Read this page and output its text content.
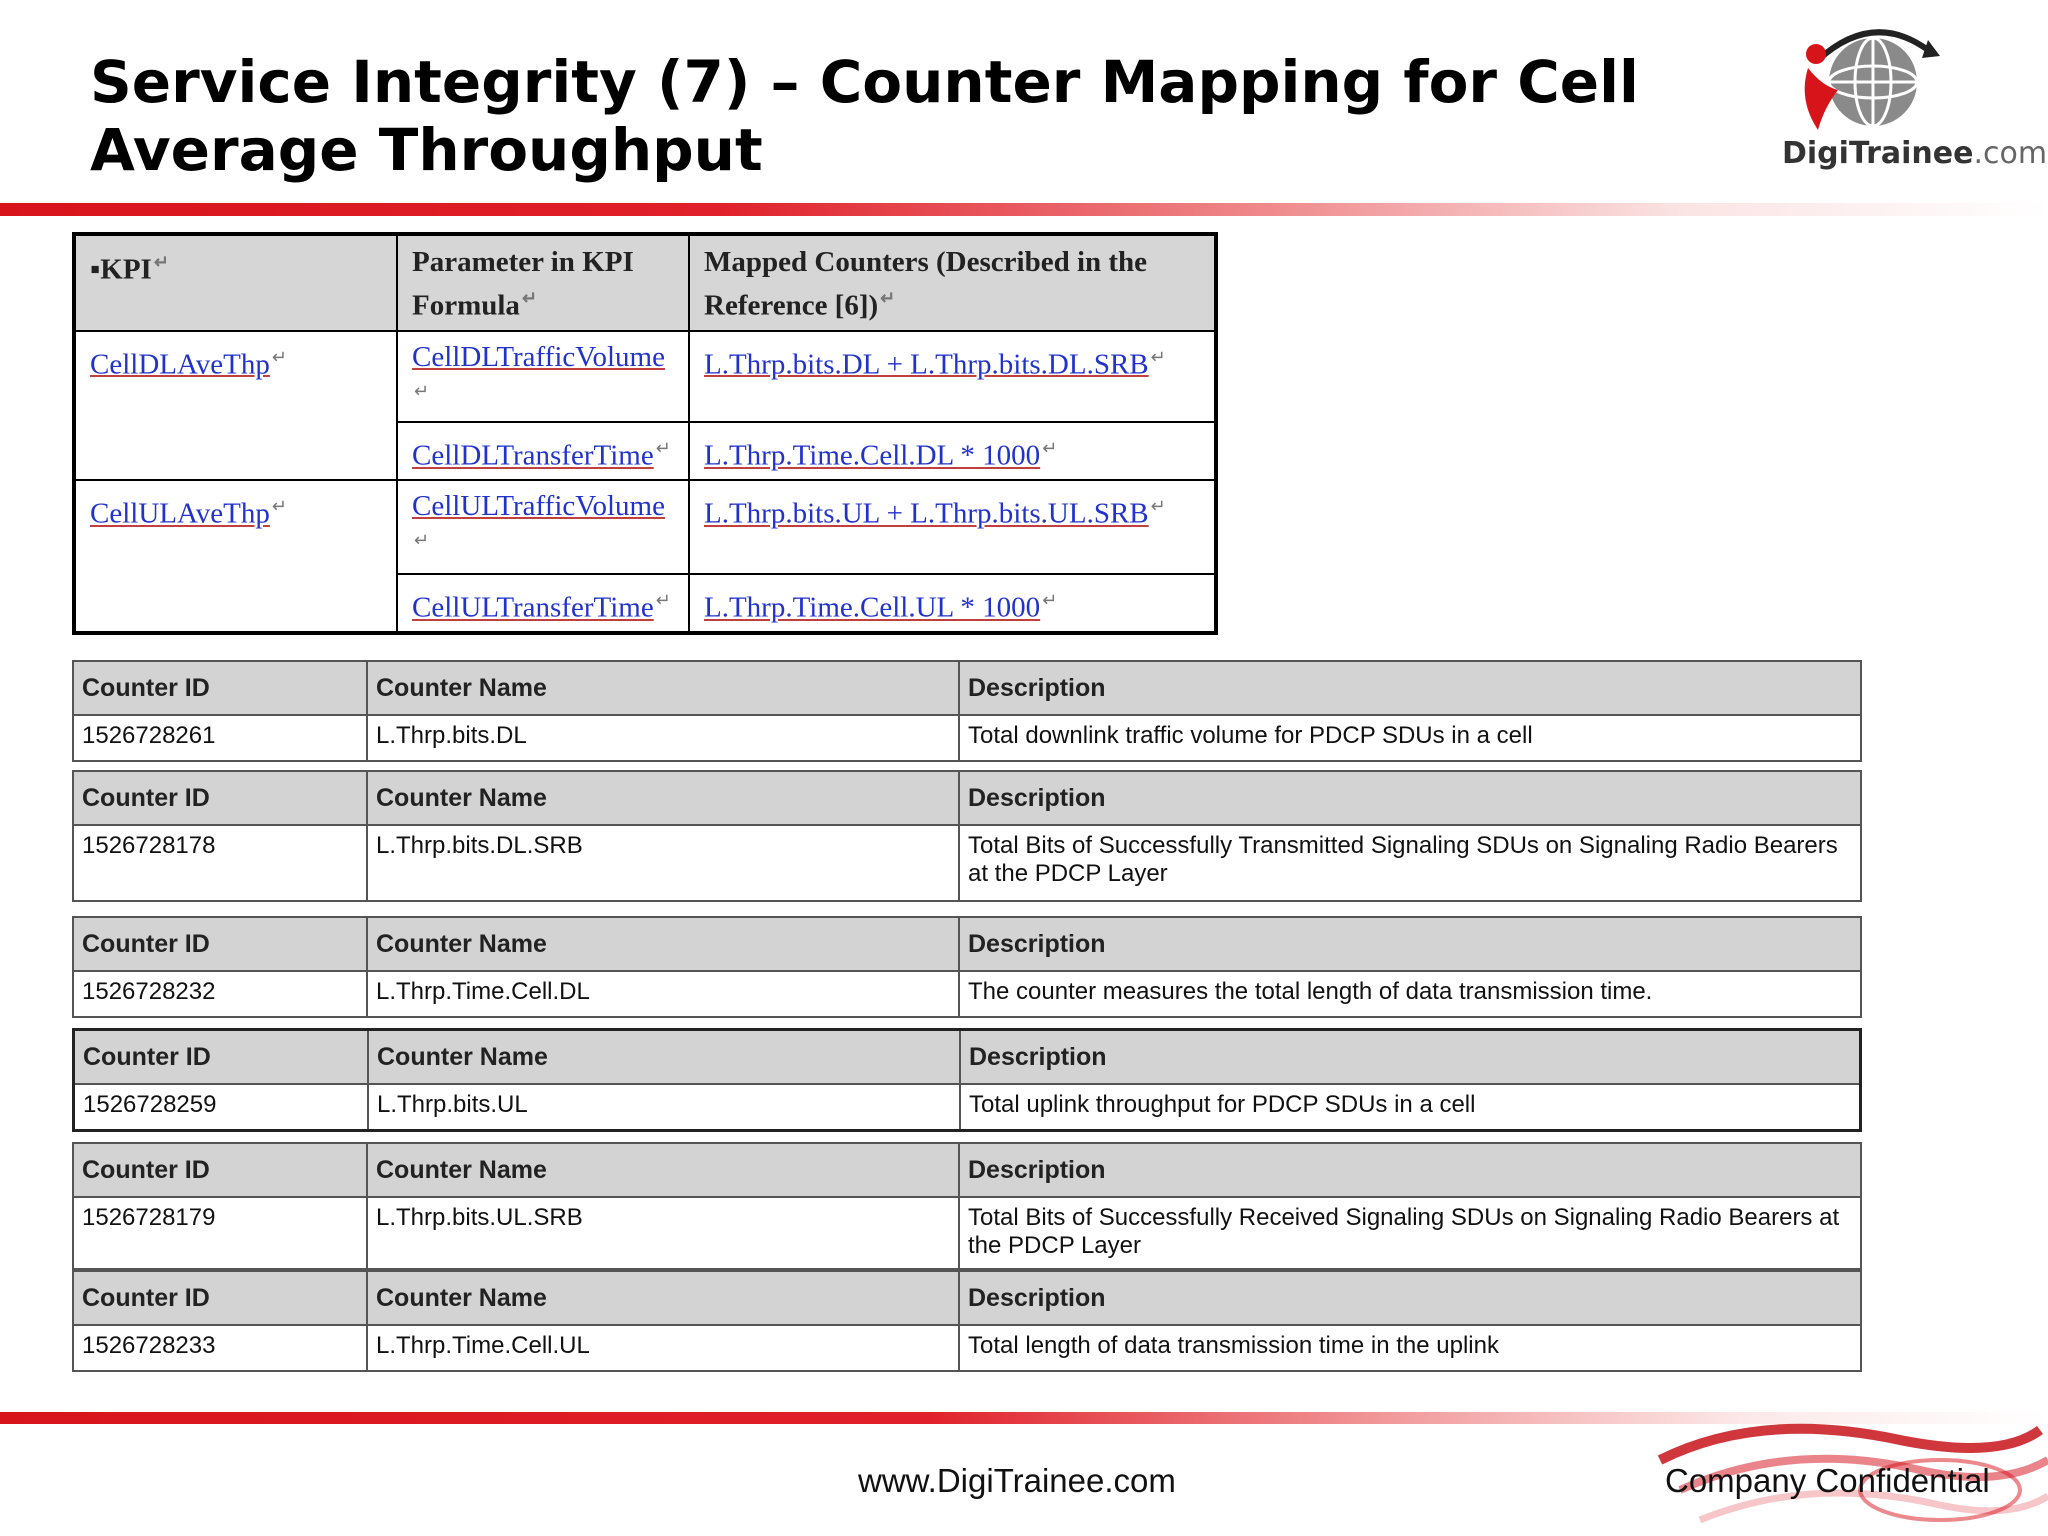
Service Integrity (7) – Counter Mapping for Cell
Average Throughput	DigiTrainee.com
▪KPI ↵	Parameter in KPI Formula ↵	Mapped Counters (Described in the Reference [6]) ↵
CellDLAveThp ↵	CellDLTrafficVolume↵	L.Thrp.bits.DL + L.Thrp.bits.DL.SRB ↵
	CellDLTransferTime ↵	L.Thrp.Time.Cell.DL * 1000 ↵
CellULAveThp ↵	CellULTrafficVolume↵	L.Thrp.bits.UL + L.Thrp.bits.UL.SRB ↵
	CellULTransferTime ↵	L.Thrp.Time.Cell.UL * 1000 ↵
Counter ID	Counter Name	Description
1526728261	L.Thrp.bits.DL	Total downlink traffic volume for PDCP SDUs in a cell
Counter ID	Counter Name	Description
1526728178	L.Thrp.bits.DL.SRB	Total Bits of Successfully Transmitted Signaling SDUs on Signaling Radio Bearers at the PDCP Layer
Counter ID	Counter Name	Description
1526728232	L.Thrp.Time.Cell.DL	The counter measures the total length of data transmission time.
Counter ID	Counter Name	Description
1526728259	L.Thrp.bits.UL	Total uplink throughput for PDCP SDUs in a cell
Counter ID	Counter Name	Description
1526728179	L.Thrp.bits.UL.SRB	Total Bits of Successfully Received Signaling SDUs on Signaling Radio Bearers at the PDCP Layer
Counter ID	Counter Name	Description
1526728233	L.Thrp.Time.Cell.UL	Total length of data transmission time in the uplink
www.DigiTrainee.com	Company Confidential
